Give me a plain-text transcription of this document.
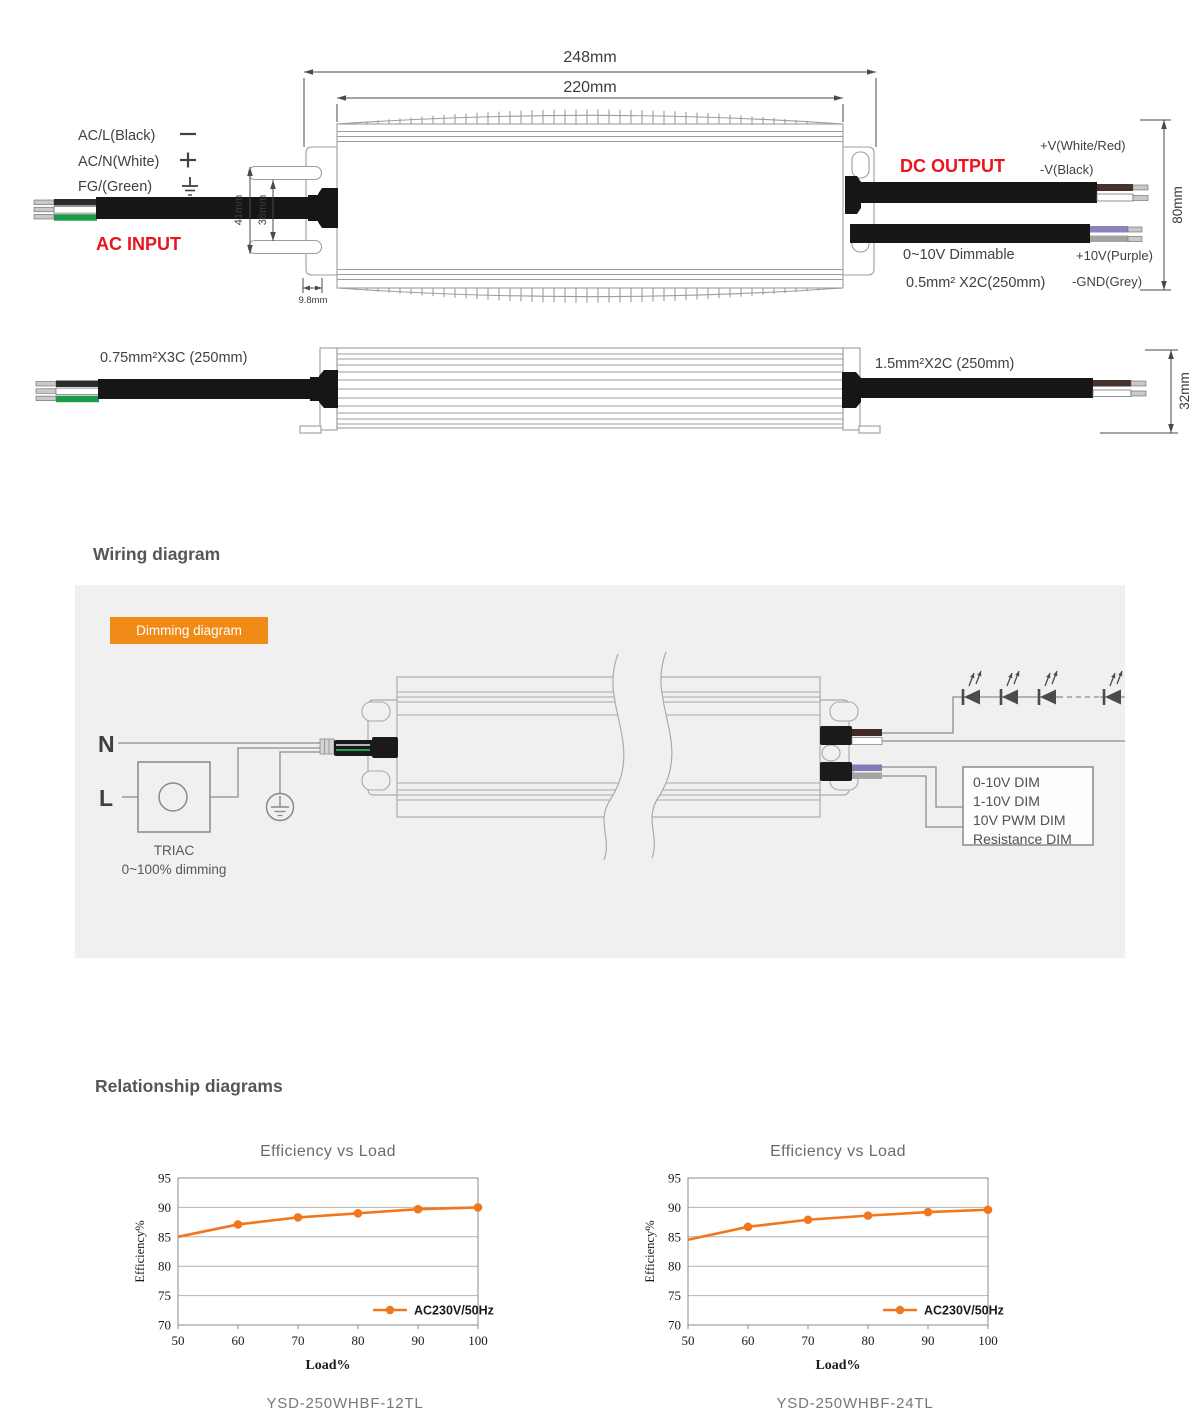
248mm
220mm
41mm 38mm
9.8mm
AC/L(Black)
AC/N(White)
FG/(Green)
AC INPUT
DC OUTPUT
+V(White/Red)
-V(Black)
0~10V Dimmable
0.5mm² X2C(250mm)
+10V(Purple)
-GND(Grey)
80mm
0.75mm²X3C (250mm)	1.5mm²X2C (250mm)
32mm
Wiring diagram
Dimming diagram
N
L
TRIAC
0~100% dimming
0-10V DIM
1-10V DIM
10V PWM DIM
Resistance DIM
Relationship diagrams
Efficiency vs Load
70
75
80
85
90
95
50	60	70	80	90	100
Load%
Efficiency%
AC230V/50Hz
YSD-250WHBF-12TL
Efficiency vs Load
70
75
80
85
90
95
50	60	70	80	90	100
Load%
Efficiency%
AC230V/50Hz
YSD-250WHBF-24TL
